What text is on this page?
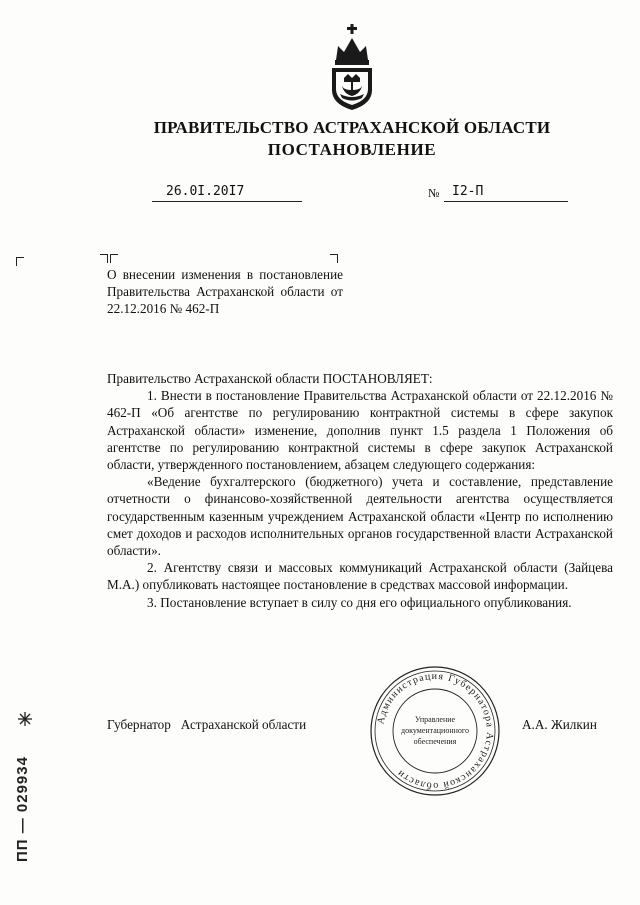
ПРАВИТЕЛЬСТВО АСТРАХАНСКОЙ ОБЛАСТИ
ПОСТАНОВЛЕНИЕ
26.0I.20I7	№ I2-П
О внесении изменения в постановление Правительства Астраханской области от 22.12.2016 № 462-П

Правительство Астраханской области ПОСТАНОВЛЯЕТ:

1. Внести в постановление Правительства Астраханской области от 22.12.2016 № 462-П «Об агентстве по регулированию контрактной системы в сфере закупок Астраханской области» изменение, дополнив пункт 1.5 раздела 1 Положения об агентстве по регулированию контрактной системы в сфере закупок Астраханской области, утвержденного постановлением, абзацем следующего содержания:

«Ведение бухгалтерского (бюджетного) учета и составление, представление отчетности о финансово-хозяйственной деятельности агентства осуществляется государственным казенным учреждением Астраханской области «Центр по исполнению смет доходов и расходов исполнительных органов государственной власти Астраханской области».

2. Агентству связи и массовых коммуникаций Астраханской области (Зайцева М.А.) опубликовать настоящее постановление в средствах массовой информации.

3. Постановление вступает в силу со дня его официального опубликования.

Губернатор   Астраханской области	А.А. Жилкин
Администрация Губернатора Астраханской области
Управление
документационного
обеспечения
ПП — 029934
